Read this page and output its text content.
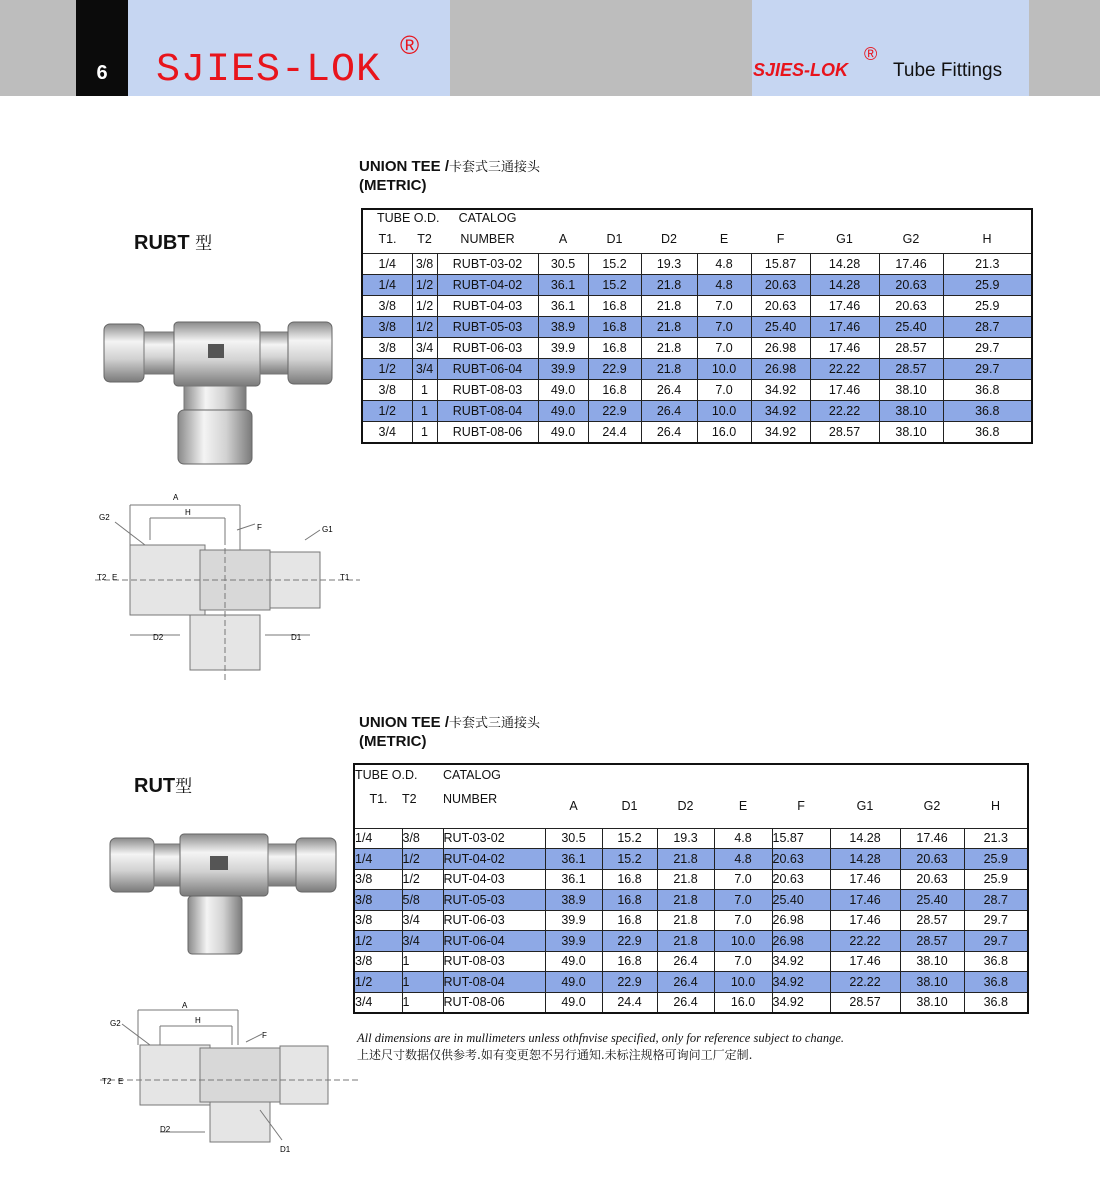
6	SJIES-LOK
®
SJIES-LOK
®
Tube Fittings
UNION TEE /卡套式三通接头
(METRIC)
RUBT 型
A
H
G2
F	G1
T2 E	T1
D2	D1
TUBE O.D.		CATALOG								
T1.	T2	NUMBER	A	D1	D2	E	F	G1	G2	H
1/4	3/8	RUBT-03-02	30.5	15.2	19.3	4.8	15.87	14.28	17.46	21.3
1/4	1/2	RUBT-04-02	36.1	15.2	21.8	4.8	20.63	14.28	20.63	25.9
3/8	1/2	RUBT-04-03	36.1	16.8	21.8	7.0	20.63	17.46	20.63	25.9
3/8	1/2	RUBT-05-03	38.9	16.8	21.8	7.0	25.40	17.46	25.40	28.7
3/8	3/4	RUBT-06-03	39.9	16.8	21.8	7.0	26.98	17.46	28.57	29.7
1/2	3/4	RUBT-06-04	39.9	22.9	21.8	10.0	26.98	22.22	28.57	29.7
3/8	1	RUBT-08-03	49.0	16.8	26.4	7.0	34.92	17.46	38.10	36.8
1/2	1	RUBT-08-04	49.0	22.9	26.4	10.0	34.92	22.22	38.10	36.8
3/4	1	RUBT-08-06	49.0	24.4	26.4	16.0	34.92	28.57	38.10	36.8
UNION TEE /卡套式三通接头
(METRIC)
RUT型
A
H
G2
F
T2 E
D2
D1
TUBE O.D.		CATALOG								
T1.	T2	NUMBER	A	D1	D2	E	F	G1	G2	H
1/4	3/8	RUT-03-02	30.5	15.2	19.3	4.8	15.87	14.28	17.46	21.3
1/4	1/2	RUT-04-02	36.1	15.2	21.8	4.8	20.63	14.28	20.63	25.9
3/8	1/2	RUT-04-03	36.1	16.8	21.8	7.0	20.63	17.46	20.63	25.9
3/8	5/8	RUT-05-03	38.9	16.8	21.8	7.0	25.40	17.46	25.40	28.7
3/8	3/4	RUT-06-03	39.9	16.8	21.8	7.0	26.98	17.46	28.57	29.7
1/2	3/4	RUT-06-04	39.9	22.9	21.8	10.0	26.98	22.22	28.57	29.7
3/8	1	RUT-08-03	49.0	16.8	26.4	7.0	34.92	17.46	38.10	36.8
1/2	1	RUT-08-04	49.0	22.9	26.4	10.0	34.92	22.22	38.10	36.8
3/4	1	RUT-08-06	49.0	24.4	26.4	16.0	34.92	28.57	38.10	36.8
All dimensions are in mullimeters unless othfnvise specified, only for reference subject to change.
上述尺寸数据仅供参考.如有变更恕不另行通知.未标注规格可询问工厂定制.
